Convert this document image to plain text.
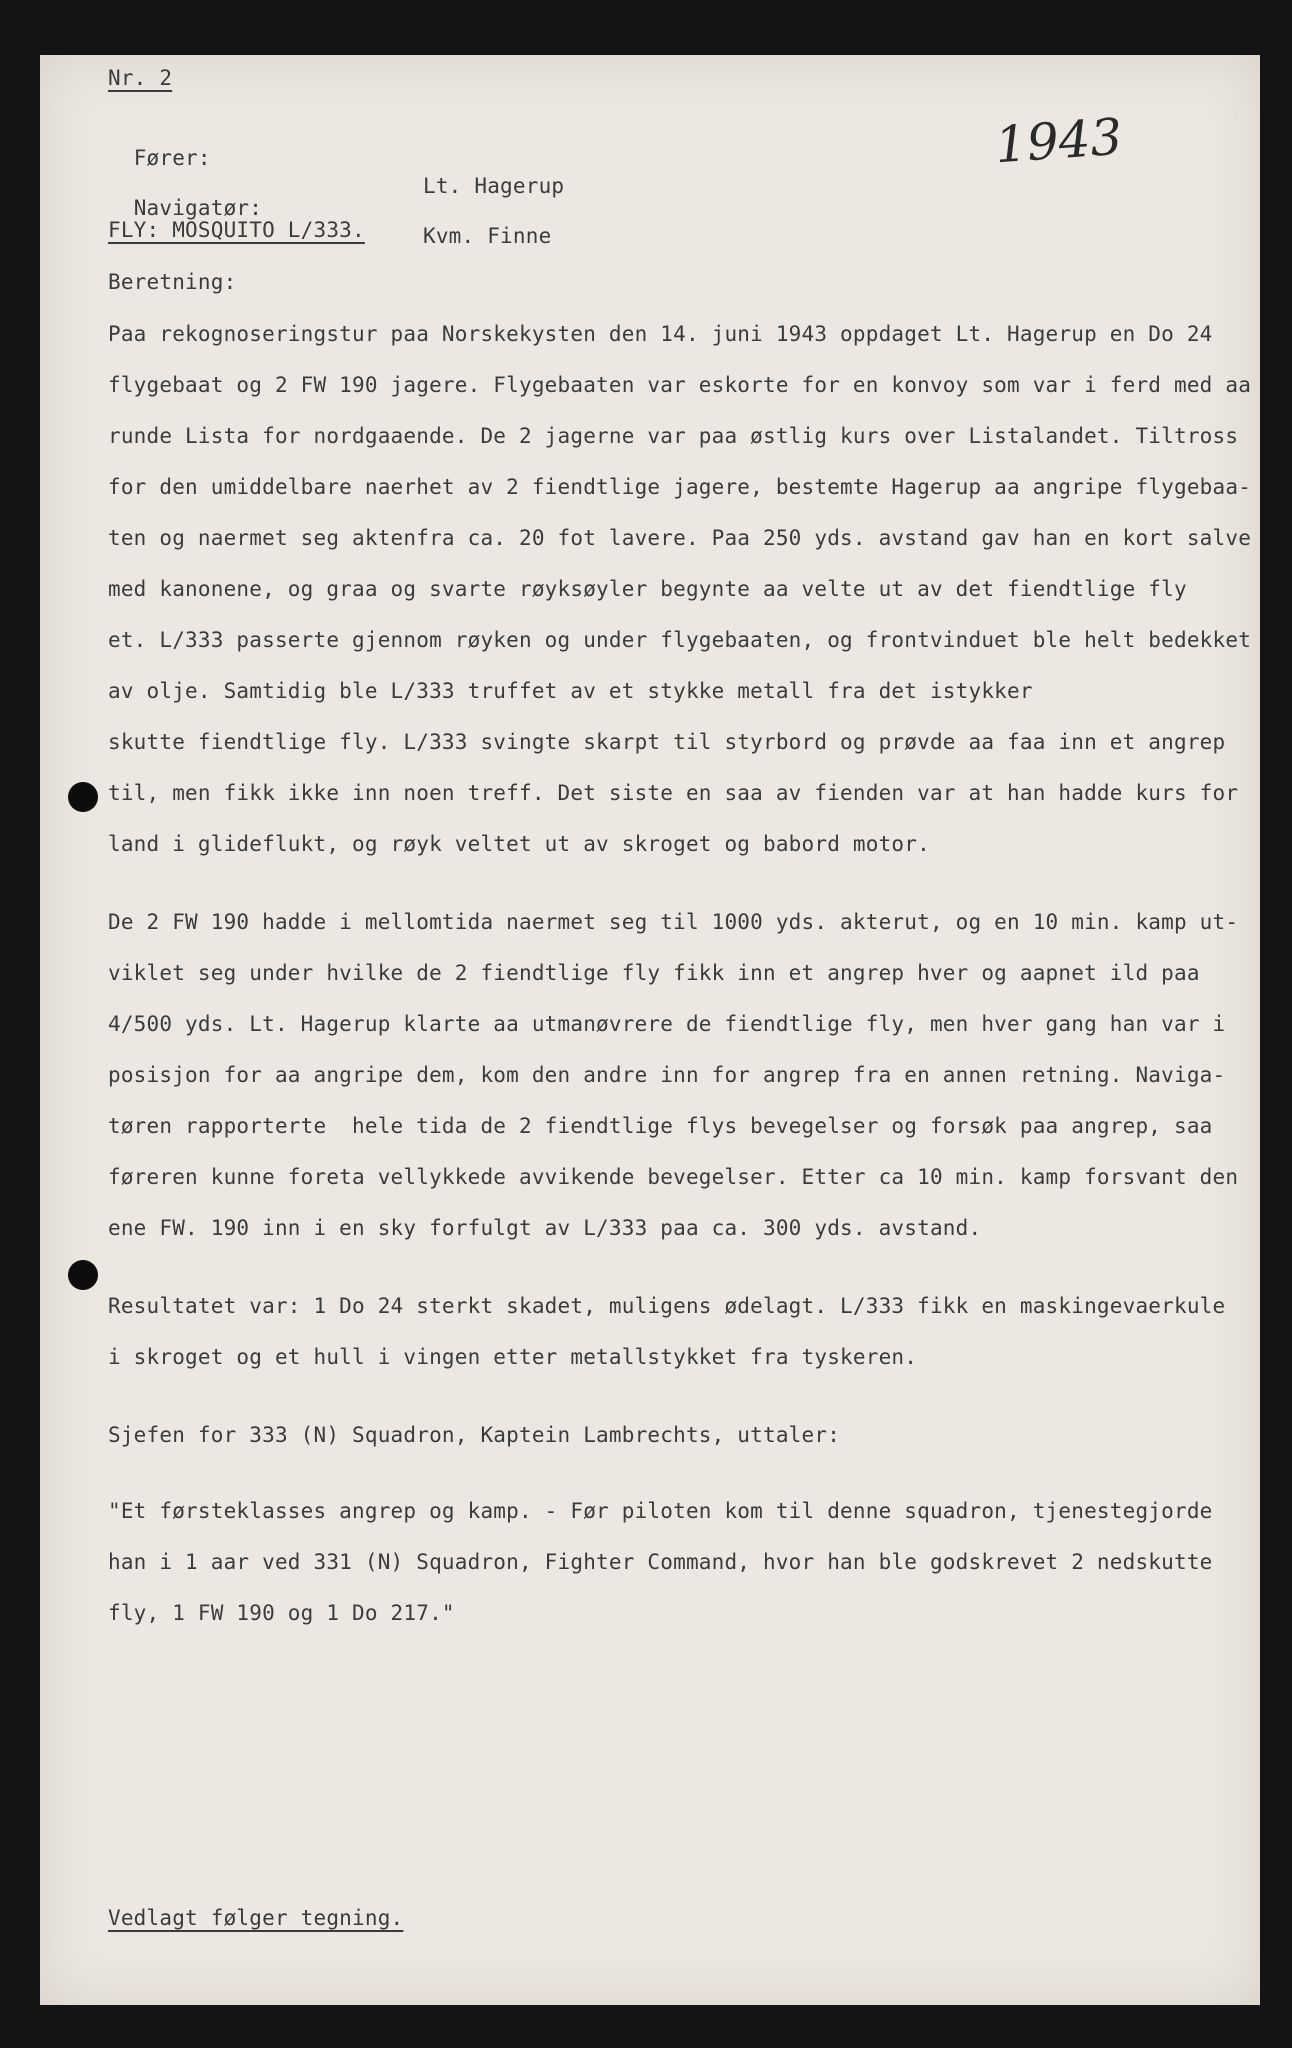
Nr. 2

Fører:

Lt. Hagerup

Navigatør:

Kvm. Finne

FLY: MOSQUITO L/333.
Beretning:
1943
Paa rekognoseringstur paa Norskekysten den 14. juni 1943 oppdaget Lt. Hagerup en Do 24
flygebaat og 2 FW 190 jagere. Flygebaaten var eskorte for en konvoy som var i ferd med aa
runde Lista for nordgaaende. De 2 jagerne var paa østlig kurs over Listalandet. Tiltross
for den umiddelbare naerhet av 2 fiendtlige jagere, bestemte Hagerup aa angripe flygebaa-
ten og naermet seg aktenfra ca. 20 fot lavere. Paa 250 yds. avstand gav han en kort salve
med kanonene, og graa og svarte røyksøyler begynte aa velte ut av det fiendtlige fly
et. L/333 passerte gjennom røyken og under flygebaaten, og frontvinduet ble helt bedekket
av olje. Samtidig ble L/333 truffet av et stykke metall fra det istykker
skutte fiendtlige fly. L/333 svingte skarpt til styrbord og prøvde aa faa inn et angrep
til, men fikk ikke inn noen treff. Det siste en saa av fienden var at han hadde kurs for
land i glideflukt, og røyk veltet ut av skroget og babord motor.
De 2 FW 190 hadde i mellomtida naermet seg til 1000 yds. akterut, og en 10 min. kamp ut-
viklet seg under hvilke de 2 fiendtlige fly fikk inn et angrep hver og aapnet ild paa
4/500 yds. Lt. Hagerup klarte aa utmanøvrere de fiendtlige fly, men hver gang han var i
posisjon for aa angripe dem, kom den andre inn for angrep fra en annen retning. Naviga-
tøren rapporterte  hele tida de 2 fiendtlige flys bevegelser og forsøk paa angrep, saa
føreren kunne foreta vellykkede avvikende bevegelser. Etter ca 10 min. kamp forsvant den
ene FW. 190 inn i en sky forfulgt av L/333 paa ca. 300 yds. avstand.
Resultatet var: 1 Do 24 sterkt skadet, muligens ødelagt. L/333 fikk en maskingevaerkule
i skroget og et hull i vingen etter metallstykket fra tyskeren.
Sjefen for 333 (N) Squadron, Kaptein Lambrechts, uttaler:
"Et førsteklasses angrep og kamp. - Før piloten kom til denne squadron, tjenestegjorde
han i 1 aar ved 331 (N) Squadron, Fighter Command, hvor han ble godskrevet 2 nedskutte
fly, 1 FW 190 og 1 Do 217."
Vedlagt følger tegning.
